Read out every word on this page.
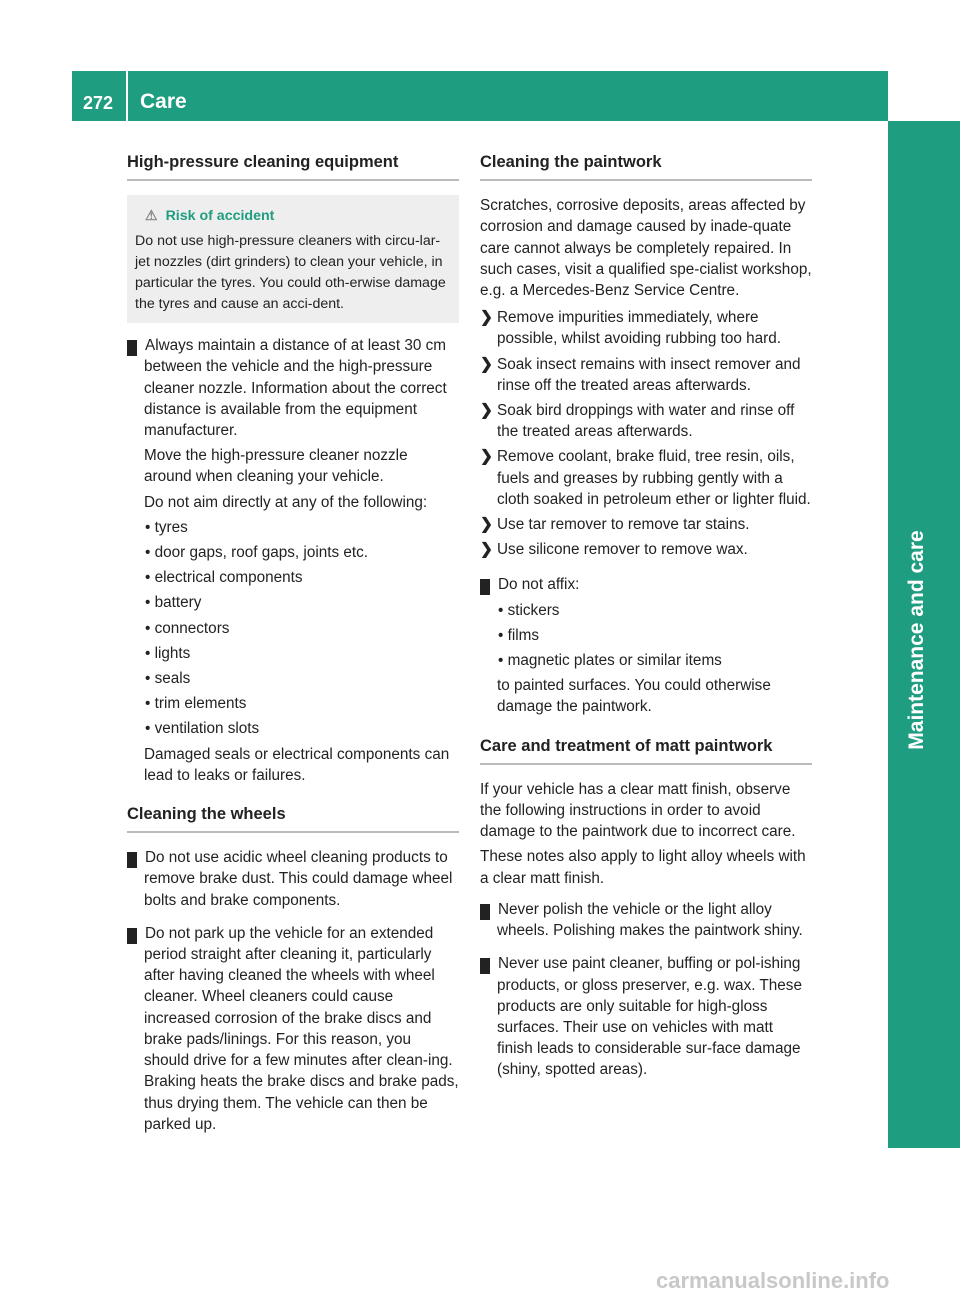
272 Care
Maintenance and care
High-pressure cleaning equipment
⚠ Risk of accident
Do not use high-pressure cleaners with circu-lar-jet nozzles (dirt grinders) to clean your vehicle, in particular the tyres. You could oth-erwise damage the tyres and cause an acci-dent.

! Always maintain a distance of at least 30 cm between the vehicle and the high-pressure cleaner nozzle. Information about the correct distance is available from the equipment manufacturer.

Move the high-pressure cleaner nozzle around when cleaning your vehicle.

Do not aim directly at any of the following:

• tyres

• door gaps, roof gaps, joints etc.

• electrical components

• battery

• connectors

• lights

• seals

• trim elements

• ventilation slots

Damaged seals or electrical components can lead to leaks or failures.

Cleaning the wheels

! Do not use acidic wheel cleaning products to remove brake dust. This could damage wheel bolts and brake components.

! Do not park up the vehicle for an extended period straight after cleaning it, particularly after having cleaned the wheels with wheel cleaner. Wheel cleaners could cause increased corrosion of the brake discs and brake pads/linings. For this reason, you should drive for a few minutes after clean-ing. Braking heats the brake discs and brake pads, thus drying them. The vehicle can then be parked up.

Cleaning the paintwork

Scratches, corrosive deposits, areas affected by corrosion and damage caused by inade-quate care cannot always be completely repaired. In such cases, visit a qualified spe-cialist workshop, e.g. a Mercedes-Benz Service Centre.

❯ Remove impurities immediately, where possible, whilst avoiding rubbing too hard.

❯ Soak insect remains with insect remover and rinse off the treated areas afterwards.

❯ Soak bird droppings with water and rinse off the treated areas afterwards.

❯ Remove coolant, brake fluid, tree resin, oils, fuels and greases by rubbing gently with a cloth soaked in petroleum ether or lighter fluid.

❯ Use tar remover to remove tar stains.

❯ Use silicone remover to remove wax.

! Do not affix:

• stickers

• films

• magnetic plates or similar items

to painted surfaces. You could otherwise damage the paintwork.

Care and treatment of matt paintwork

If your vehicle has a clear matt finish, observe the following instructions in order to avoid damage to the paintwork due to incorrect care.

These notes also apply to light alloy wheels with a clear matt finish.

! Never polish the vehicle or the light alloy wheels. Polishing makes the paintwork shiny.

! Never use paint cleaner, buffing or pol-ishing products, or gloss preserver, e.g. wax. These products are only suitable for high-gloss surfaces. Their use on vehicles with matt finish leads to considerable sur-face damage (shiny, spotted areas).

carmanualsonline.info
